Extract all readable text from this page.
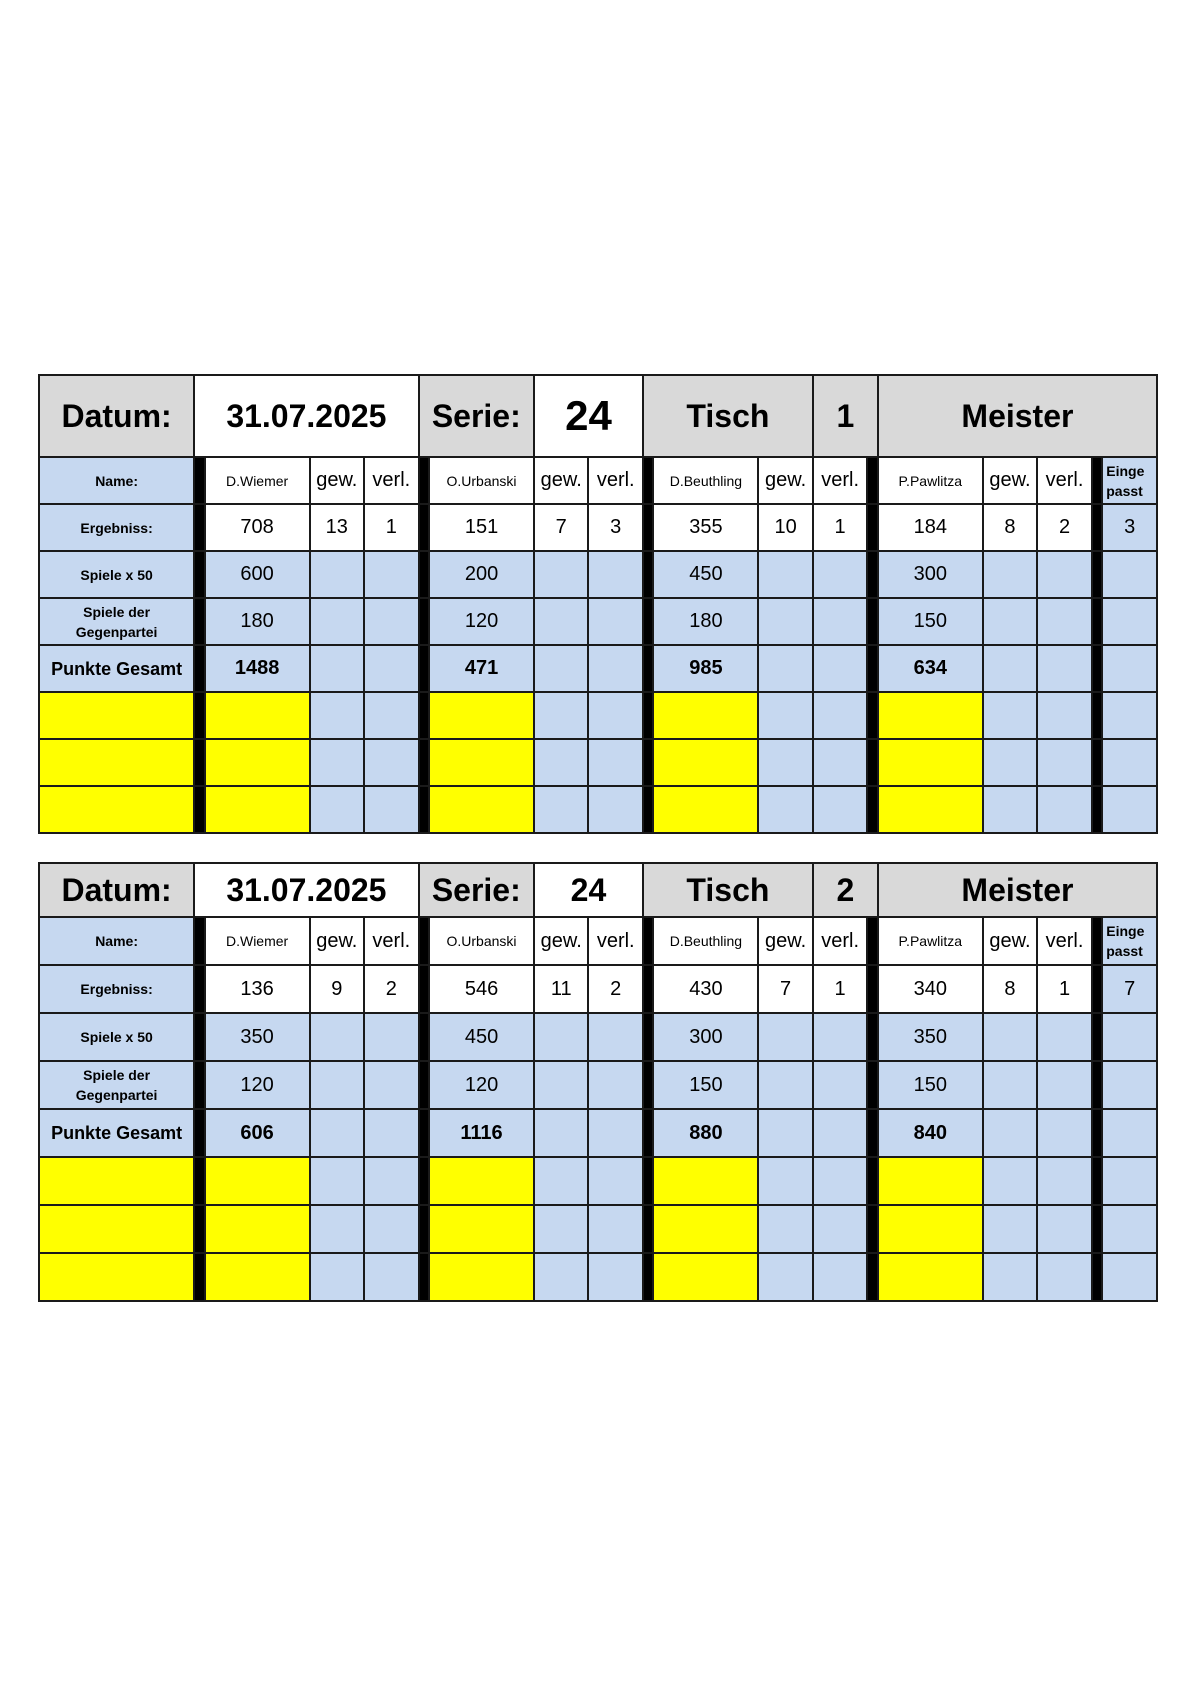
Datum:	31.07.2025				Serie:		24		Tisch			1		Meister				
Name:		D.Wiemer	gew.	verl.		O.Urbanski	gew.	verl.		D.Beuthling	gew.	verl.		P.Pawlitza	gew.	verl.		Einge
passt
Ergebniss:		708	13	1		151	7	3		355	10	1		184	8	2		3
Spiele x 50		600				200				450				300				
Spiele der
Gegenpartei		180				120				180				150				
Punkte Gesamt		1488				471				985				634				

Datum:	31.07.2025				Serie:		24		Tisch			2		Meister				
Name:		D.Wiemer	gew.	verl.		O.Urbanski	gew.	verl.		D.Beuthling	gew.	verl.		P.Pawlitza	gew.	verl.		Einge
passt
Ergebniss:		136	9	2		546	11	2		430	7	1		340	8	1		7
Spiele x 50		350				450				300				350				
Spiele der
Gegenpartei		120				120				150				150				
Punkte Gesamt		606				1116				880				840				
